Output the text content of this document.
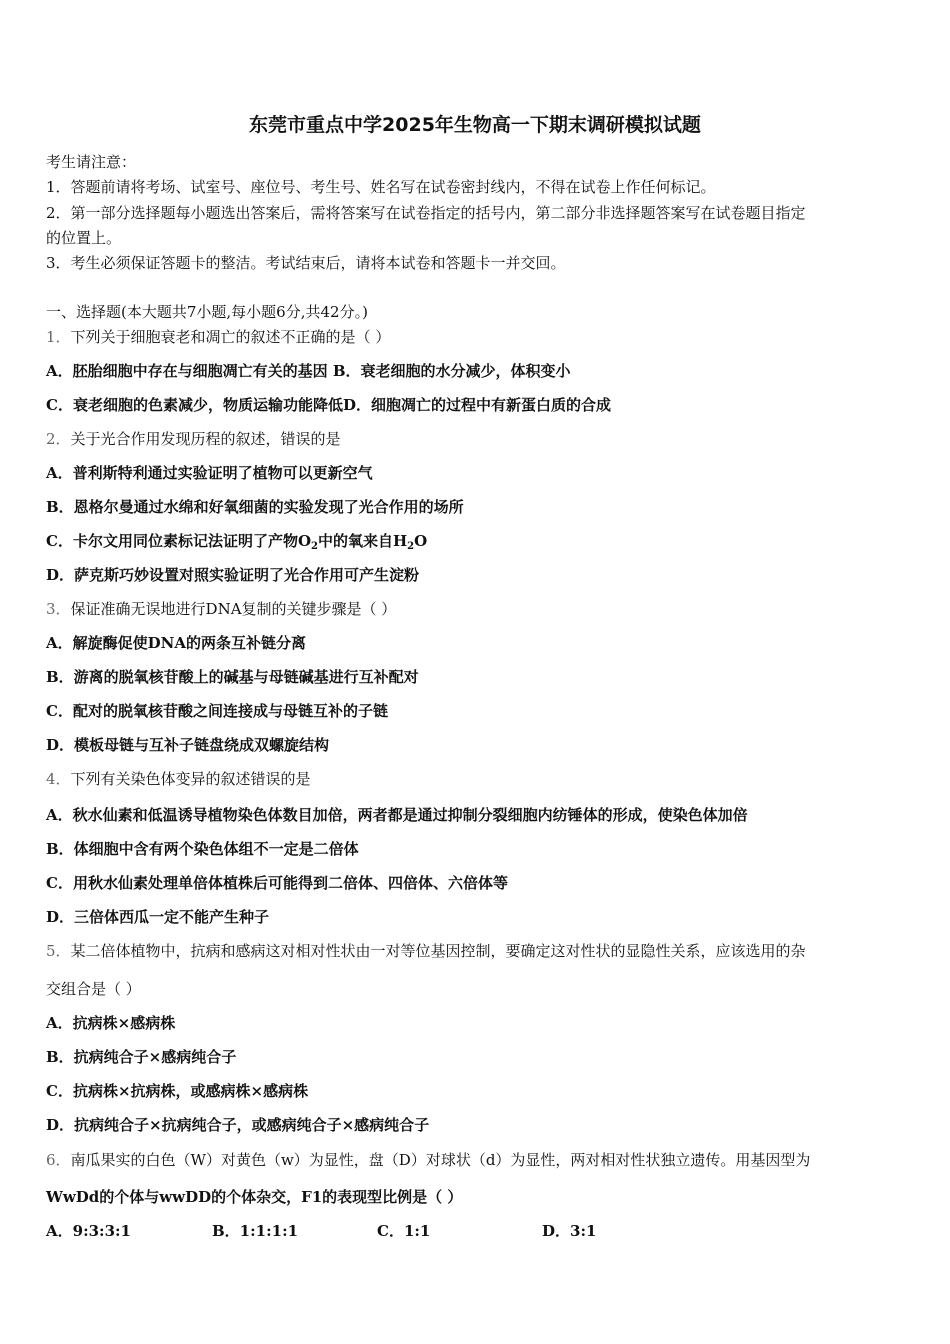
东莞市重点中学2025年生物高一下期末调研模拟试题
考生请注意：
1．答题前请将考场、试室号、座位号、考生号、姓名写在试卷密封线内，不得在试卷上作任何标记。
2．第一部分选择题每小题选出答案后，需将答案写在试卷指定的括号内，第二部分非选择题答案写在试卷题目指定
的位置上。
3．考生必须保证答题卡的整洁。考试结束后，请将本试卷和答题卡一并交回。
一、选择题(本大题共7小题,每小题6分,共42分。)
1．下列关于细胞衰老和凋亡的叙述不正确的是（ ）
A．胚胎细胞中存在与细胞凋亡有关的基因 B．衰老细胞的水分减少，体积变小
C．衰老细胞的色素减少，物质运输功能降低D．细胞凋亡的过程中有新蛋白质的合成
2．关于光合作用发现历程的叙述，错误的是
A．普利斯特利通过实验证明了植物可以更新空气
B．恩格尔曼通过水绵和好氧细菌的实验发现了光合作用的场所
C．卡尔文用同位素标记法证明了产物$O_2$中的氧来自$H_2O$
D．萨克斯巧妙设置对照实验证明了光合作用可产生淀粉
3．保证准确无误地进行DNA复制的关键步骤是（ ）
A．解旋酶促使DNA的两条互补链分离
B．游离的脱氧核苷酸上的碱基与母链碱基进行互补配对
C．配对的脱氧核苷酸之间连接成与母链互补的子链
D．模板母链与互补子链盘绕成双螺旋结构
4．下列有关染色体变异的叙述错误的是
A．秋水仙素和低温诱导植物染色体数目加倍，两者都是通过抑制分裂细胞内纺锤体的形成，使染色体加倍
B．体细胞中含有两个染色体组不一定是二倍体
C．用秋水仙素处理单倍体植株后可能得到二倍体、四倍体、六倍体等
D．三倍体西瓜一定不能产生种子
5．某二倍体植物中，抗病和感病这对相对性状由一对等位基因控制，要确定这对性状的显隐性关系，应该选用的杂
交组合是（ ）
A．抗病株×感病株
B．抗病纯合子×感病纯合子
C．抗病株×抗病株，或感病株×感病株
D．抗病纯合子×抗病纯合子，或感病纯合子×感病纯合子
6．南瓜果实的白色（W）对黄色（w）为显性，盘（D）对球状（d）为显性，两对相对性状独立遗传。用基因型为
WwDd的个体与wwDD的个体杂交，F1的表现型比例是（ ）
A．9:3:3:1	B．1:1:1:1	C．1:1	D．3:1
